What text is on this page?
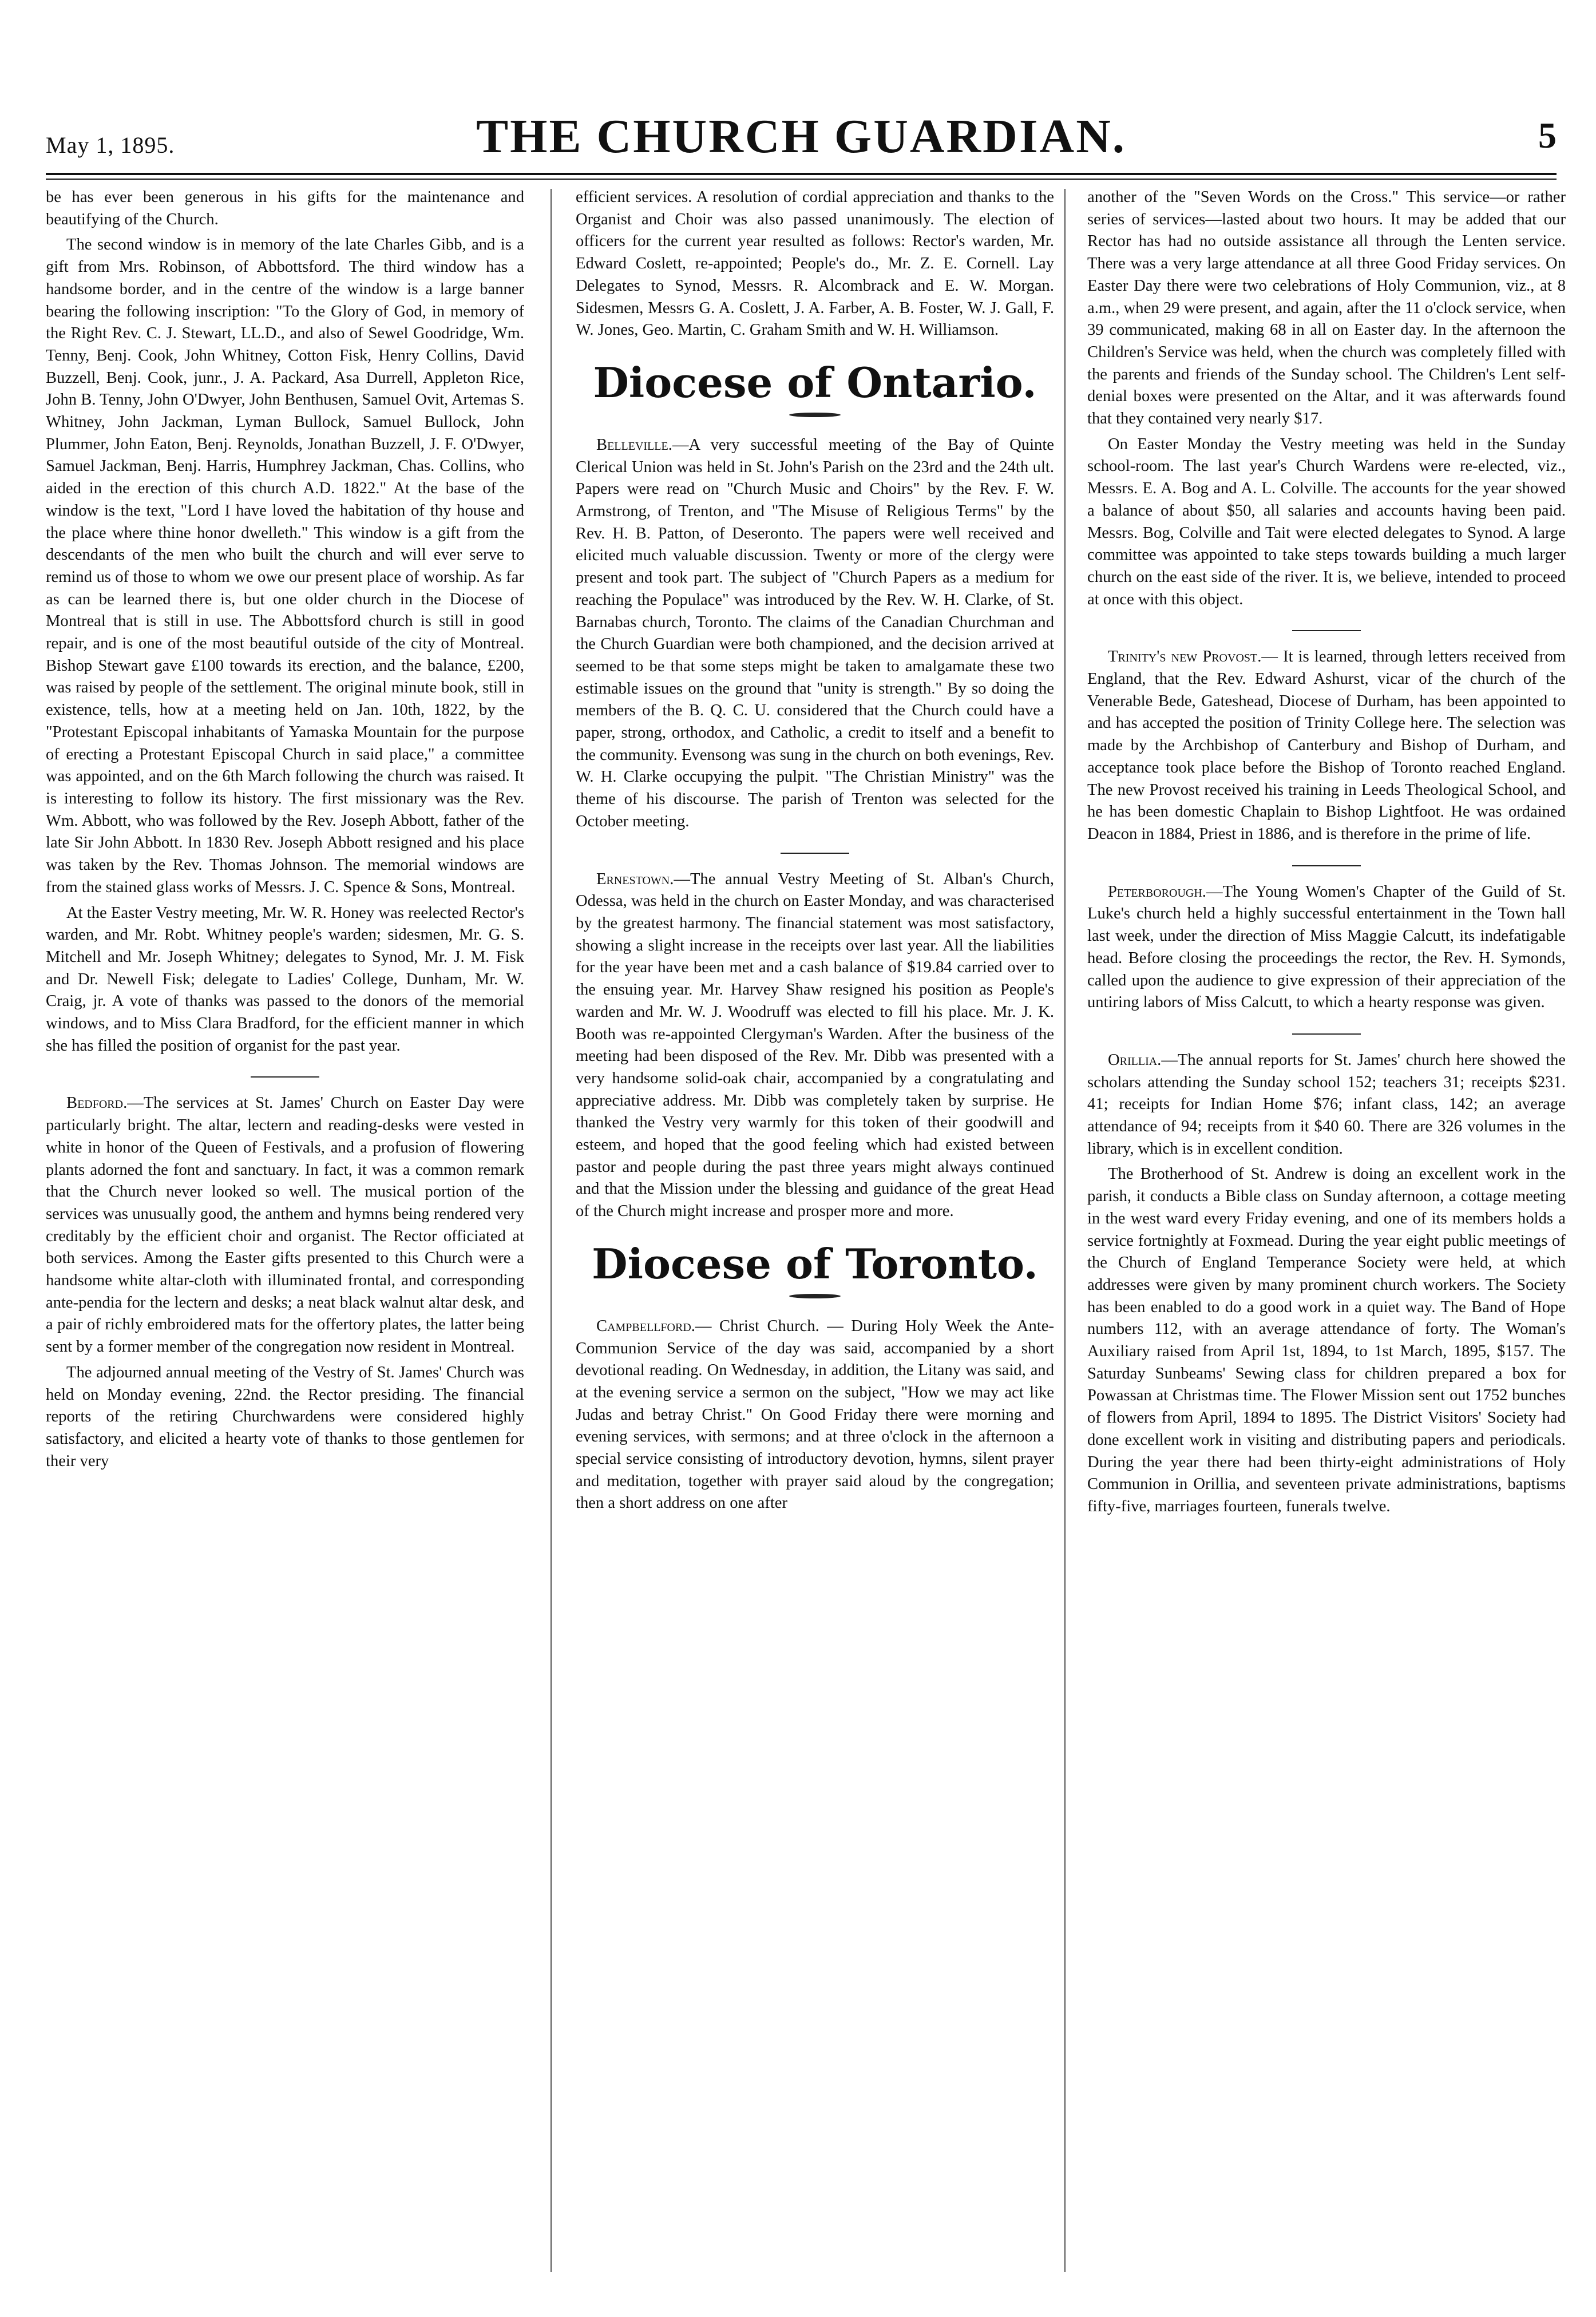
May 1, 1895.	THE CHURCH GUARDIAN.	5

be has ever been generous in his gifts for the maintenance and beautifying of the Church.

The second window is in memory of the late Charles Gibb, and is a gift from Mrs. Robinson, of Abbottsford. The third window has a handsome border, and in the centre of the window is a large banner bearing the following inscription: "To the Glory of God, in memory of the Right Rev. C. J. Stewart, LL.D., and also of Sewel Goodridge, Wm. Tenny, Benj. Cook, John Whitney, Cotton Fisk, Henry Collins, David Buzzell, Benj. Cook, junr., J. A. Packard, Asa Durrell, Appleton Rice, John B. Tenny, John O'Dwyer, John Benthusen, Samuel Ovit, Artemas S. Whitney, John Jackman, Lyman Bullock, Samuel Bullock, John Plummer, John Eaton, Benj. Reynolds, Jonathan Buzzell, J. F. O'Dwyer, Samuel Jackman, Benj. Harris, Humphrey Jackman, Chas. Collins, who aided in the erection of this church A.D. 1822." At the base of the window is the text, "Lord I have loved the habitation of thy house and the place where thine honor dwelleth." This window is a gift from the descendants of the men who built the church and will ever serve to remind us of those to whom we owe our present place of worship. As far as can be learned there is, but one older church in the Diocese of Montreal that is still in use. The Abbottsford church is still in good repair, and is one of the most beautiful outside of the city of Montreal. Bishop Stewart gave £100 towards its erection, and the balance, £200, was raised by people of the settlement. The original minute book, still in existence, tells, how at a meeting held on Jan. 10th, 1822, by the "Protestant Episcopal inhabitants of Yamaska Mountain for the purpose of erecting a Protestant Episcopal Church in said place," a committee was appointed, and on the 6th March following the church was raised. It is interesting to follow its history. The first missionary was the Rev. Wm. Abbott, who was followed by the Rev. Joseph Abbott, father of the late Sir John Abbott. In 1830 Rev. Joseph Abbott resigned and his place was taken by the Rev. Thomas Johnson. The memorial windows are from the stained glass works of Messrs. J. C. Spence & Sons, Montreal.

At the Easter Vestry meeting, Mr. W. R. Honey was reelected Rector's warden, and Mr. Robt. Whitney people's warden; sidesmen, Mr. G. S. Mitchell and Mr. Joseph Whitney; delegates to Synod, Mr. J. M. Fisk and Dr. Newell Fisk; delegate to Ladies' College, Dunham, Mr. W. Craig, jr. A vote of thanks was passed to the donors of the memorial windows, and to Miss Clara Bradford, for the efficient manner in which she has filled the position of organist for the past year.

Bedford.—The services at St. James' Church on Easter Day were particularly bright. The altar, lectern and reading-desks were vested in white in honor of the Queen of Festivals, and a profusion of flowering plants adorned the font and sanctuary. In fact, it was a common remark that the Church never looked so well. The musical portion of the services was unusually good, the anthem and hymns being rendered very creditably by the efficient choir and organist. The Rector officiated at both services. Among the Easter gifts presented to this Church were a handsome white altar-cloth with illuminated frontal, and corresponding ante-pendia for the lectern and desks; a neat black walnut altar desk, and a pair of richly embroidered mats for the offertory plates, the latter being sent by a former member of the congregation now resident in Montreal.

The adjourned annual meeting of the Vestry of St. James' Church was held on Monday evening, 22nd. the Rector presiding. The financial reports of the retiring Churchwardens were considered highly satisfactory, and elicited a hearty vote of thanks to those gentlemen for their very

efficient services. A resolution of cordial appreciation and thanks to the Organist and Choir was also passed unanimously. The election of officers for the current year resulted as follows: Rector's warden, Mr. Edward Coslett, re-appointed; People's do., Mr. Z. E. Cornell. Lay Delegates to Synod, Messrs. R. Alcombrack and E. W. Morgan. Sidesmen, Messrs G. A. Coslett, J. A. Farber, A. B. Foster, W. J. Gall, F. W. Jones, Geo. Martin, C. Graham Smith and W. H. Williamson.

Diocese of Ontario.

Belleville.—A very successful meeting of the Bay of Quinte Clerical Union was held in St. John's Parish on the 23rd and the 24th ult. Papers were read on "Church Music and Choirs" by the Rev. F. W. Armstrong, of Trenton, and "The Misuse of Religious Terms" by the Rev. H. B. Patton, of Deseronto. The papers were well received and elicited much valuable discussion. Twenty or more of the clergy were present and took part. The subject of "Church Papers as a medium for reaching the Populace" was introduced by the Rev. W. H. Clarke, of St. Barnabas church, Toronto. The claims of the Canadian Churchman and the Church Guardian were both championed, and the decision arrived at seemed to be that some steps might be taken to amalgamate these two estimable issues on the ground that "unity is strength." By so doing the members of the B. Q. C. U. considered that the Church could have a paper, strong, orthodox, and Catholic, a credit to itself and a benefit to the community. Evensong was sung in the church on both evenings, Rev. W. H. Clarke occupying the pulpit. "The Christian Ministry" was the theme of his discourse. The parish of Trenton was selected for the October meeting.

Ernestown.—The annual Vestry Meeting of St. Alban's Church, Odessa, was held in the church on Easter Monday, and was characterised by the greatest harmony. The financial statement was most satisfactory, showing a slight increase in the receipts over last year. All the liabilities for the year have been met and a cash balance of $19.84 carried over to the ensuing year. Mr. Harvey Shaw resigned his position as People's warden and Mr. W. J. Woodruff was elected to fill his place. Mr. J. K. Booth was re-appointed Clergyman's Warden. After the business of the meeting had been disposed of the Rev. Mr. Dibb was presented with a very handsome solid-oak chair, accompanied by a congratulating and appreciative address. Mr. Dibb was completely taken by surprise. He thanked the Vestry very warmly for this token of their goodwill and esteem, and hoped that the good feeling which had existed between pastor and people during the past three years might always continued and that the Mission under the blessing and guidance of the great Head of the Church might increase and prosper more and more.

Diocese of Toronto.

Campbellford.— Christ Church. — During Holy Week the Ante-Communion Service of the day was said, accompanied by a short devotional reading. On Wednesday, in addition, the Litany was said, and at the evening service a sermon on the subject, "How we may act like Judas and betray Christ." On Good Friday there were morning and evening services, with sermons; and at three o'clock in the afternoon a special service consisting of introductory devotion, hymns, silent prayer and meditation, together with prayer said aloud by the congregation; then a short address on one after

another of the "Seven Words on the Cross." This service—or rather series of services—lasted about two hours. It may be added that our Rector has had no outside assistance all through the Lenten service. There was a very large attendance at all three Good Friday services. On Easter Day there were two celebrations of Holy Communion, viz., at 8 a.m., when 29 were present, and again, after the 11 o'clock service, when 39 communicated, making 68 in all on Easter day. In the afternoon the Children's Service was held, when the church was completely filled with the parents and friends of the Sunday school. The Children's Lent self-denial boxes were presented on the Altar, and it was afterwards found that they contained very nearly $17.

On Easter Monday the Vestry meeting was held in the Sunday school-room. The last year's Church Wardens were re-elected, viz., Messrs. E. A. Bog and A. L. Colville. The accounts for the year showed a balance of about $50, all salaries and accounts having been paid. Messrs. Bog, Colville and Tait were elected delegates to Synod. A large committee was appointed to take steps towards building a much larger church on the east side of the river. It is, we believe, intended to proceed at once with this object.

Trinity's new Provost.— It is learned, through letters received from England, that the Rev. Edward Ashurst, vicar of the church of the Venerable Bede, Gateshead, Diocese of Durham, has been appointed to and has accepted the position of Trinity College here. The selection was made by the Archbishop of Canterbury and Bishop of Durham, and acceptance took place before the Bishop of Toronto reached England. The new Provost received his training in Leeds Theological School, and he has been domestic Chaplain to Bishop Lightfoot. He was ordained Deacon in 1884, Priest in 1886, and is therefore in the prime of life.

Peterborough.—The Young Women's Chapter of the Guild of St. Luke's church held a highly successful entertainment in the Town hall last week, under the direction of Miss Maggie Calcutt, its indefatigable head. Before closing the proceedings the rector, the Rev. H. Symonds, called upon the audience to give expression of their appreciation of the untiring labors of Miss Calcutt, to which a hearty response was given.

Orillia.—The annual reports for St. James' church here showed the scholars attending the Sunday school 152; teachers 31; receipts $231. 41; receipts for Indian Home $76; infant class, 142; an average attendance of 94; receipts from it $40 60. There are 326 volumes in the library, which is in excellent condition.

The Brotherhood of St. Andrew is doing an excellent work in the parish, it conducts a Bible class on Sunday afternoon, a cottage meeting in the west ward every Friday evening, and one of its members holds a service fortnightly at Foxmead. During the year eight public meetings of the Church of England Temperance Society were held, at which addresses were given by many prominent church workers. The Society has been enabled to do a good work in a quiet way. The Band of Hope numbers 112, with an average attendance of forty. The Woman's Auxiliary raised from April 1st, 1894, to 1st March, 1895, $157. The Saturday Sunbeams' Sewing class for children prepared a box for Powassan at Christmas time. The Flower Mission sent out 1752 bunches of flowers from April, 1894 to 1895. The District Visitors' Society had done excellent work in visiting and distributing papers and periodicals. During the year there had been thirty-eight administrations of Holy Communion in Orillia, and seventeen private administrations, baptisms fifty-five, marriages fourteen, funerals twelve.
